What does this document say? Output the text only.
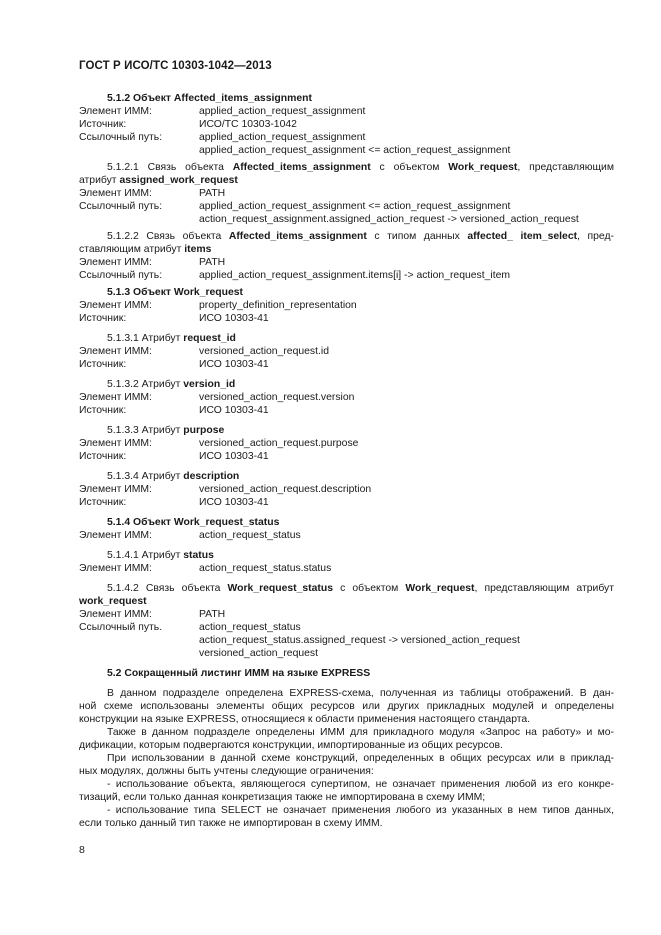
ГОСТ Р ИСО/ТС 10303-1042—2013
5.1.2 Объект Affected_items_assignment
Элемент ИММ:	applied_action_request_assignment
Источник:	ИСО/ТС 10303-1042
Ссылочный путь:	applied_action_request_assignment
applied_action_request_assignment <= action_request_assignment
5.1.2.1 Связь объекта Affected_items_assignment с объектом Work_request, представляющим
атрибут assigned_work_request
Элемент ИММ:	PATH
Ссылочный путь:	applied_action_request_assignment <= action_request_assignment
action_request_assignment.assigned_action_request -> versioned_action_request
5.1.2.2 Связь объекта Affected_items_assignment с типом данных affected_ item_select, пред-
ставляющим атрибут items
Элемент ИММ:	PATH
Ссылочный путь:	applied_action_request_assignment.items[i] -> action_request_item
5.1.3 Объект Work_request
Элемент ИММ:	property_definition_representation
Источник:	ИСО 10303-41
5.1.3.1 Атрибут request_id
Элемент ИММ:	versioned_action_request.id
Источник:	ИСО 10303-41
5.1.3.2 Атрибут version_id
Элемент ИММ:	versioned_action_request.version
Источник:	ИСО 10303-41
5.1.3.3 Атрибут purpose
Элемент ИММ:	versioned_action_request.purpose
Источник:	ИСО 10303-41
5.1.3.4 Атрибут description
Элемент ИММ:	versioned_action_request.description
Источник:	ИСО 10303-41
5.1.4 Объект Work_request_status
Элемент ИММ:	action_request_status
5.1.4.1 Атрибут status
Элемент ИММ:	action_request_status.status
5.1.4.2 Связь объекта Work_request_status с объектом Work_request, представляющим атрибут
work_request
Элемент ИММ:	PATH
Ссылочный путь.	action_request_status
action_request_status.assigned_request -> versioned_action_request
versioned_action_request
5.2 Сокращенный листинг ИММ на языке EXPRESS
В данном подразделе определена EXPRESS-схема, полученная из таблицы отображений. В дан-
ной схеме использованы элементы общих ресурсов или других прикладных модулей и определены
конструкции на языке EXPRESS, относящиеся к области применения настоящего стандарта.
Также в данном подразделе определены ИММ для прикладного модуля «Запрос на работу» и мо-
дификации, которым подвергаются конструкции, импортированные из общих ресурсов.
При использовании в данной схеме конструкций, определенных в общих ресурсах или в приклад-
ных модулях, должны быть учтены следующие ограничения:
- использование объекта, являющегося супертипом, не означает применения любой из его конкре-
тизаций, если только данная конкретизация также не импортирована в схему ИММ;
- использование типа SELECT не означает применения любого из указанных в нем типов данных,
если только данный тип также не импортирован в схему ИММ.
8
